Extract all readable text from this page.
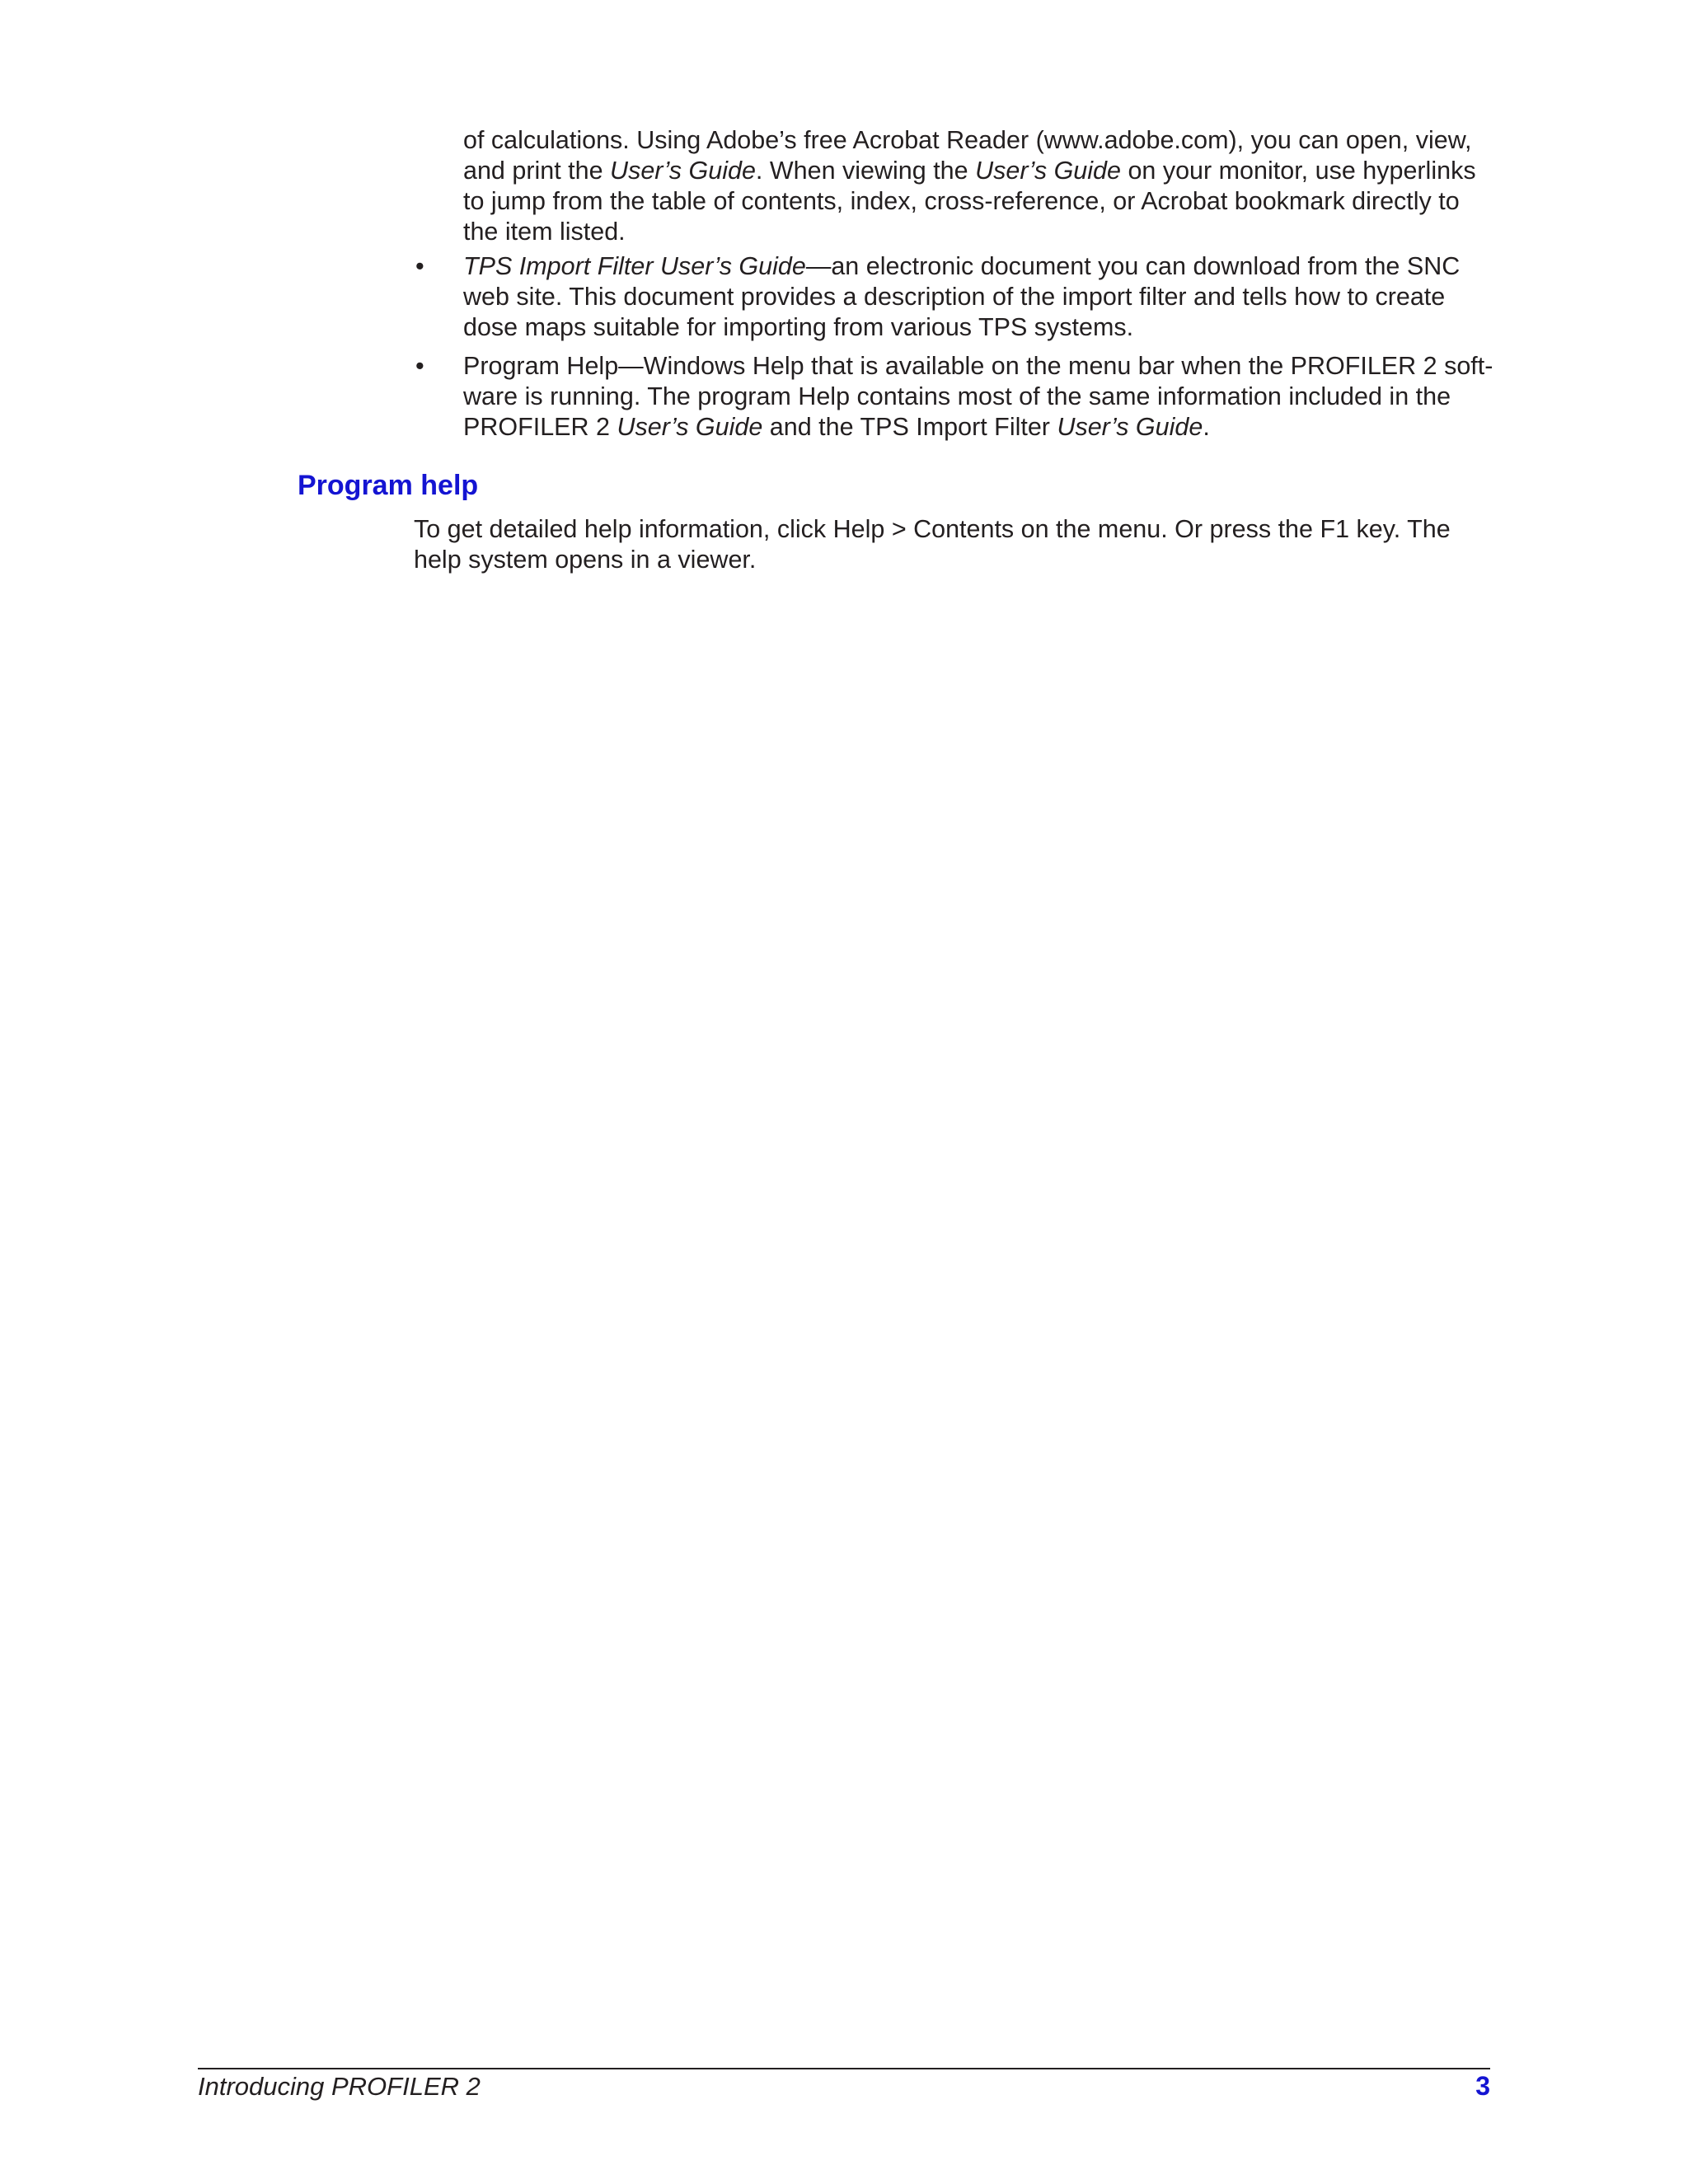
of calculations. Using Adobe’s free Acrobat Reader (www.adobe.com), you can open, view, and print the User’s Guide. When viewing the User’s Guide on your monitor, use hyperlinks to jump from the table of contents, index, cross-reference, or Acrobat bookmark directly to the item listed.

•	TPS Import Filter User’s Guide—an electronic document you can download from the SNC web site. This document provides a description of the import filter and tells how to create dose maps suitable for importing from various TPS systems.
•	Program Help—Windows Help that is available on the menu bar when the PROFILER 2 soft-ware is running. The program Help contains most of the same information included in the PROFILER 2 User’s Guide and the TPS Import Filter User’s Guide.
Program help

To get detailed help information, click Help > Contents on the menu. Or press the F1 key. The help system opens in a viewer.

Introducing PROFILER 2	3
